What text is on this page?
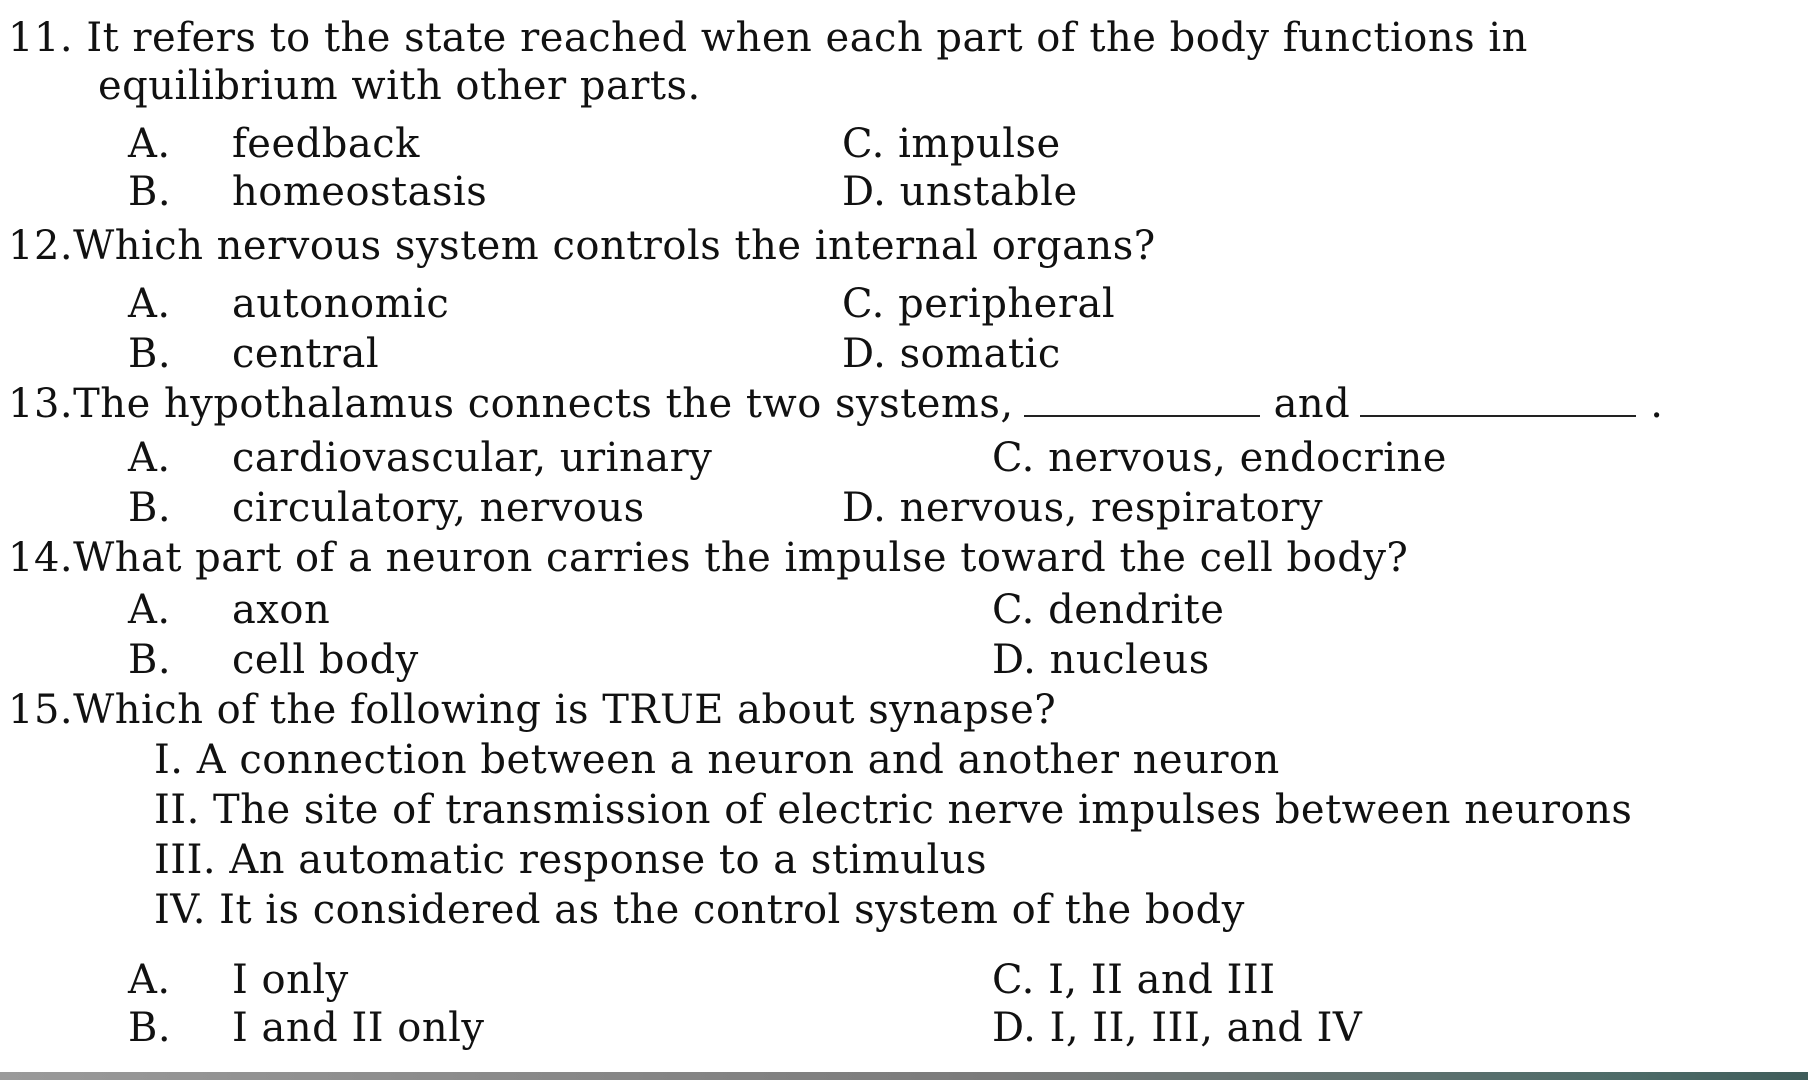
11. It refers to the state reached when each part of the body functions in
equilibrium with other parts.
A. feedback
B. homeostasis
C. impulse
D. unstable
12.Which nervous system controls the internal organs?
A. autonomic
B. central
C. peripheral
D. somatic
13.The hypothalamus connects the two systems,	and	.
A. cardiovascular, urinary
B. circulatory, nervous
C. nervous, endocrine
D. nervous, respiratory
14.What part of a neuron carries the impulse toward the cell body?
A. axon
B. cell body
C. dendrite
D. nucleus
15.Which of the following is TRUE about synapse?
I. A connection between a neuron and another neuron
II. The site of transmission of electric nerve impulses between neurons
III. An automatic response to a stimulus
IV. It is considered as the control system of the body
A. I only
B. I and II only
C. I, II and III
D. I, II, III, and IV
